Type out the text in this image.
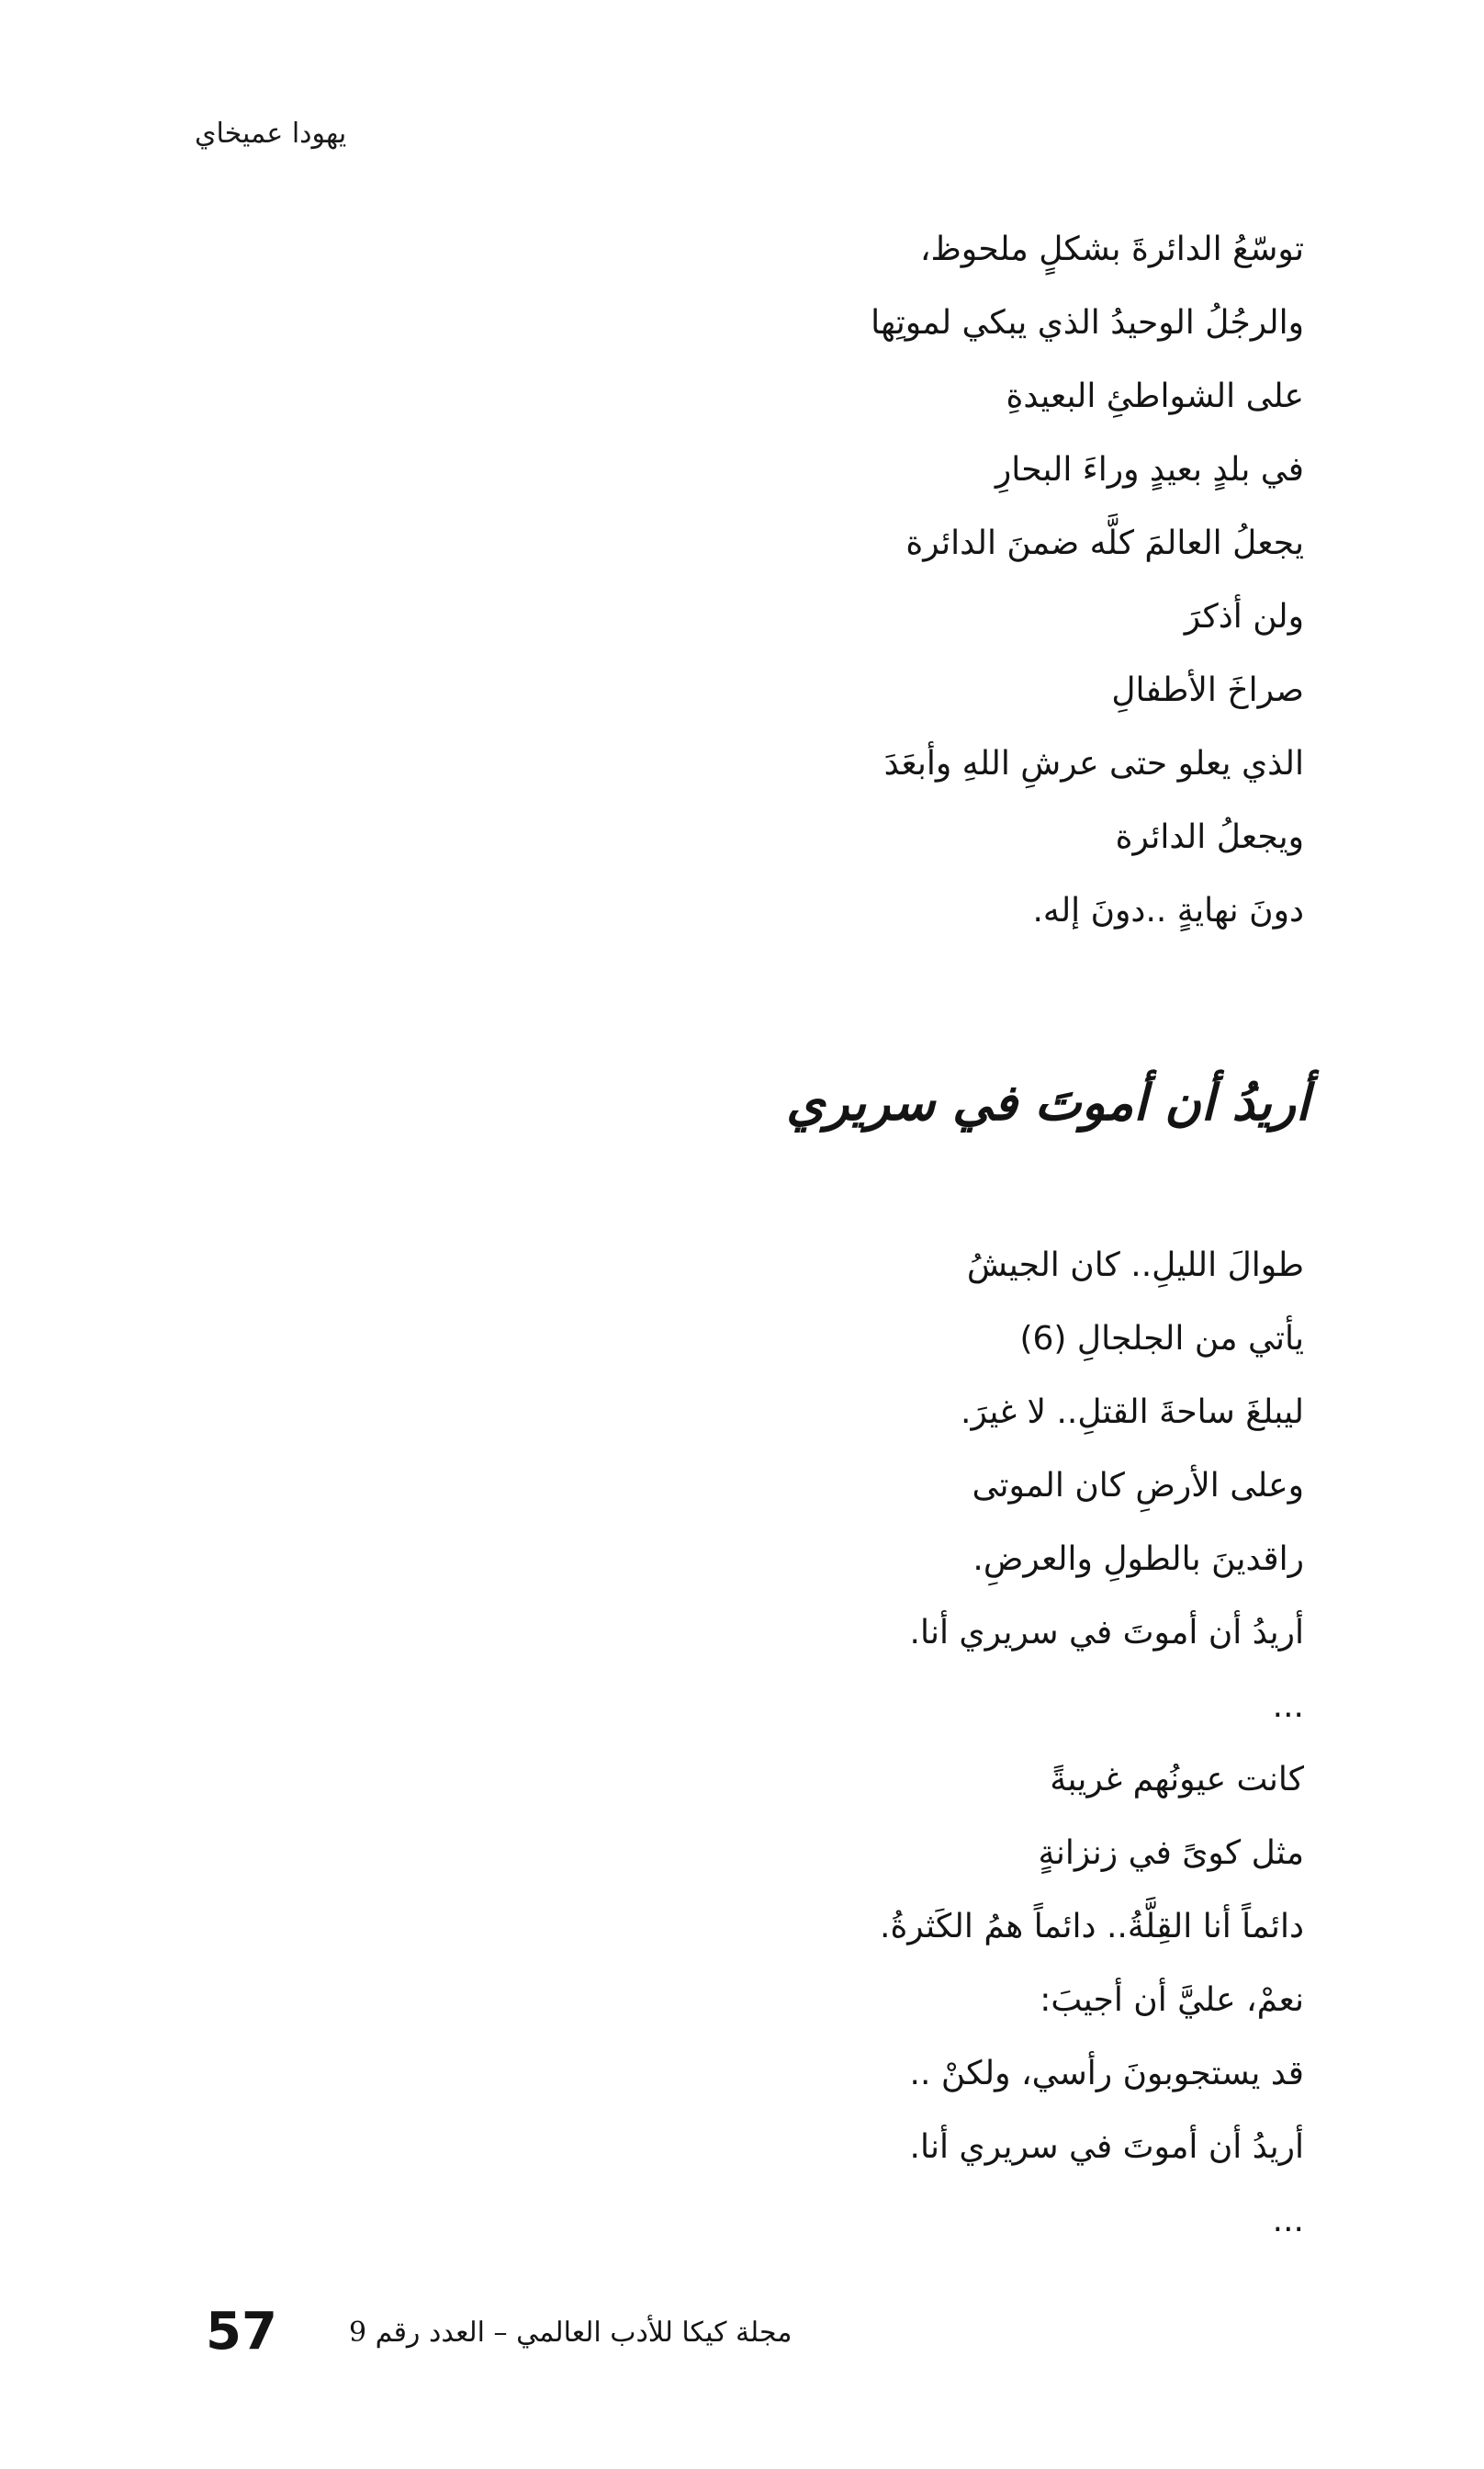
يهودا عميخاي
توسّعُ الدائرةَ بشكلٍ ملحوظ،
والرجُلُ الوحيدُ الذي يبكي لموتِها
على الشواطئِ البعيدةِ
في بلدٍ بعيدٍ وراءَ البحارِ
يجعلُ العالمَ كلَّه ضمنَ الدائرة
ولن أذكرَ
صراخَ الأطفالِ
الذي يعلو حتى عرشِ اللهِ وأبعَدَ
ويجعلُ الدائرة
دونَ نهايةٍ ..دونَ إله.
أريدُ أن أموتَ في سريري
طوالَ الليلِ.. كان الجيشُ
يأتي من الجلجالِ (6)
ليبلغَ ساحةَ القتلِ.. لا غيرَ.
وعلى الأرضِ كان الموتى
راقدينَ بالطولِ والعرضِ.
أريدُ أن أموتَ في سريري أنا.
...
كانت عيونُهم غريبةً
مثل كوىً في زنزانةٍ
دائماً أنا القِلَّةُ.. دائماً همُ الكَثرةُ.
نعمْ، عليَّ أن أجيبَ:
قد يستجوبونَ رأسي، ولكنْ ..
أريدُ أن أموتَ في سريري أنا.
...
57	مجلة كيكا للأدب العالمي – العدد رقم 9
